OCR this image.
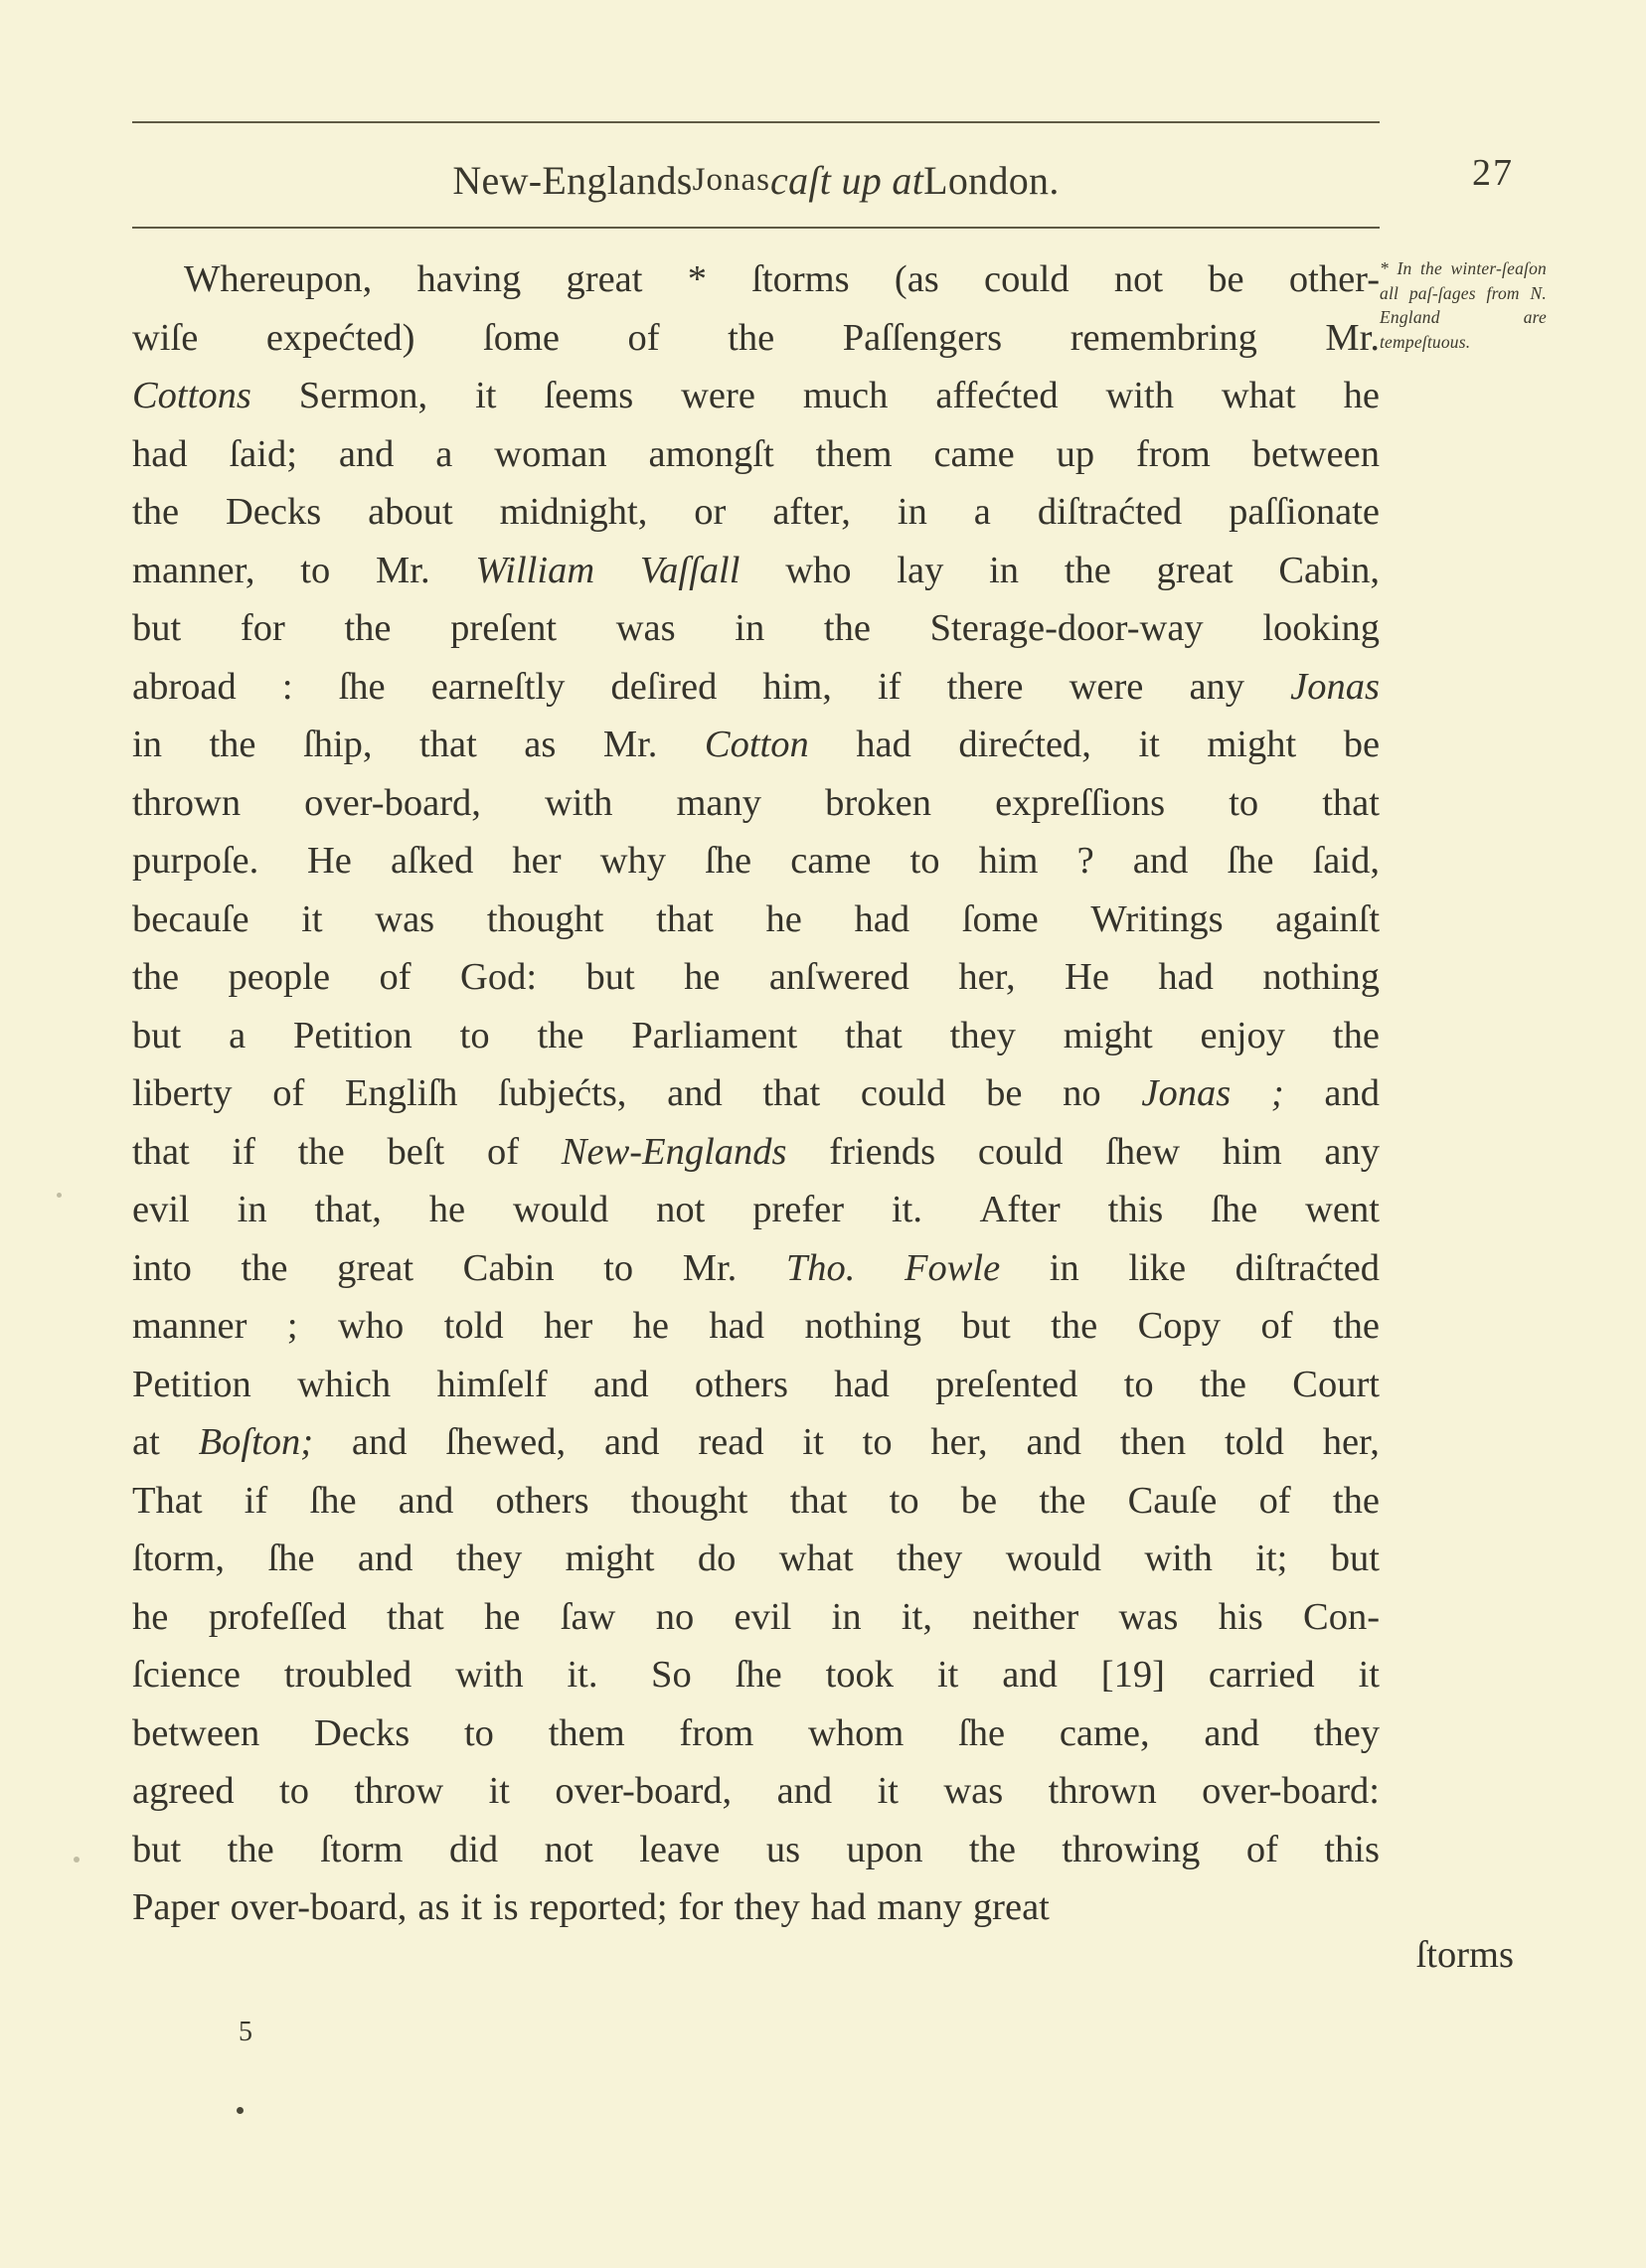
New-Englands Jonas caſt up at London.	27
Whereupon,
having
great
*
ſtorms
(as
could
not
be
other-
wiſe
expećted)
ſome
of
the
Paſſengers
remembring
Mr.
Cottons
Sermon,
it
ſeems
were
much
affećted
with
what
he
had
ſaid;
and
a
woman
amongſt
them
came
up
from
between
the
Decks
about
midnight,
or
after,
in
a
diſtraćted
paſſionate
manner,
to
Mr.
William
Vaſſall
who
lay
in
the
great
Cabin,
but
for
the
preſent
was
in
the
Sterage-door-way
looking
abroad
:
ſhe
earneſtly
deſired
him,
if
there
were
any
Jonas
in
the
ſhip,
that
as
Mr.
Cotton
had
direćted,
it
might
be
thrown
over-board,
with
many
broken
expreſſions
to
that
purpoſe.
He
aſked
her
why
ſhe
came
to
him
?
and
ſhe
ſaid,
becauſe
it
was
thought
that
he
had
ſome
Writings
againſt
the
people
of
God:
but
he
anſwered
her,
He
had
nothing
but
a
Petition
to
the
Parliament
that
they
might
enjoy
the
liberty
of
Engliſh
ſubjećts,
and
that
could
be
no
Jonas
;
and
that
if
the
beſt
of
New-Englands
friends
could
ſhew
him
any
evil
in
that,
he
would
not
prefer
it.
After
this
ſhe
went
into
the
great
Cabin
to
Mr.
Tho.
Fowle
in
like
diſtraćted
manner
;
who
told
her
he
had
nothing
but
the
Copy
of
the
Petition
which
himſelf
and
others
had
preſented
to
the
Court
at
Boſton;
and
ſhewed,
and
read
it
to
her,
and
then
told
her,
That
if
ſhe
and
others
thought
that
to
be
the
Cauſe
of
the
ſtorm,
ſhe
and
they
might
do
what
they
would
with
it;
but
he
profeſſed
that
he
ſaw
no
evil
in
it,
neither
was
his
Con-
ſcience
troubled
with
it.
So
ſhe
took
it
and
[19]
carried
it
between
Decks
to
them
from
whom
ſhe
came,
and
they
agreed
to
throw
it
over-board,
and
it
was
thrown
over-board:
but
the
ſtorm
did
not
leave
us
upon
the
throwing
of
this
Paper
over-board,
as
it
is
reported;
for
they
had
many
great
* In the winter-ſeaſon all paſ-ſages from N. England are tempeſtuous.
ſtorms
5
